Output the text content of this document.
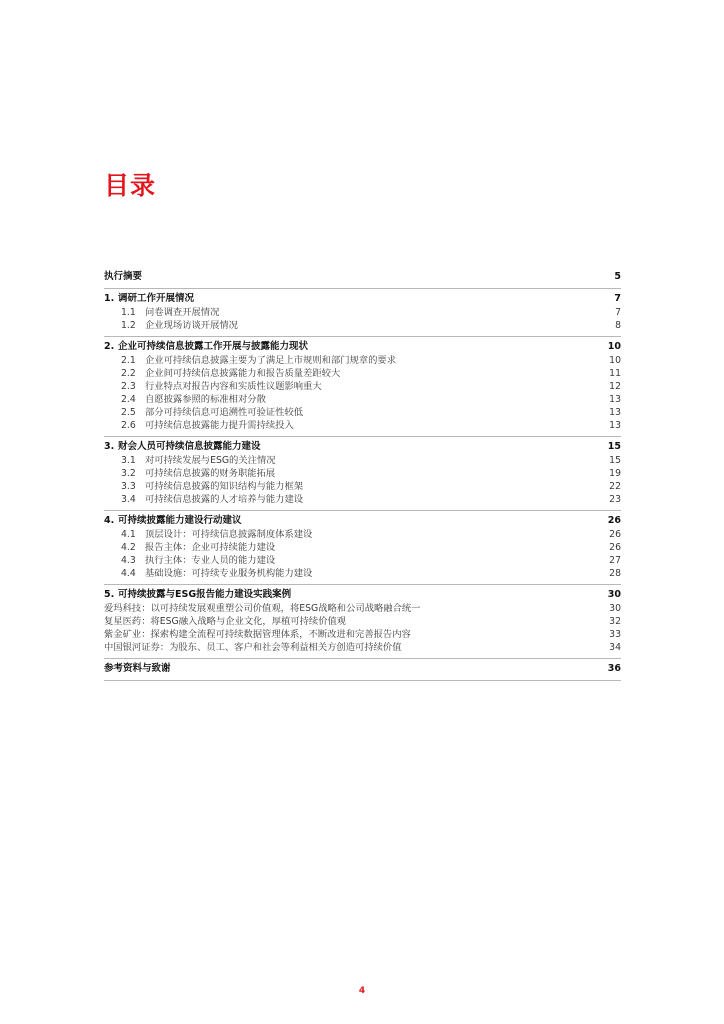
目录
执行摘要	5
1. 调研工作开展情况	7
1.1 问卷调查开展情况	7
1.2 企业现场访谈开展情况	8
2. 企业可持续信息披露工作开展与披露能力现状	10
2.1 企业可持续信息披露主要为了满足上市规则和部门规章的要求	10
2.2 企业间可持续信息披露能力和报告质量差距较大	11
2.3 行业特点对报告内容和实质性议题影响重大	12
2.4 自愿披露参照的标准相对分散	13
2.5 部分可持续信息可追溯性可验证性较低	13
2.6 可持续信息披露能力提升需持续投入	13
3. 财会人员可持续信息披露能力建设	15
3.1 对可持续发展与ESG的关注情况	15
3.2 可持续信息披露的财务职能拓展	19
3.3 可持续信息披露的知识结构与能力框架	22
3.4 可持续信息披露的人才培养与能力建设	23
4. 可持续披露能力建设行动建议	26
4.1 顶层设计：可持续信息披露制度体系建设	26
4.2 报告主体：企业可持续能力建设	26
4.3 执行主体：专业人员的能力建设	27
4.4 基础设施：可持续专业服务机构能力建设	28
5. 可持续披露与ESG报告能力建设实践案例	30
爱玛科技：以可持续发展观重塑公司价值观，将ESG战略和公司战略融合统一	30
复星医药：将ESG融入战略与企业文化，厚植可持续价值观	32
紫金矿业：探索构建全流程可持续数据管理体系，不断改进和完善报告内容	33
中国银河证券：为股东、员工、客户和社会等利益相关方创造可持续价值	34
参考资料与致谢	36
4
